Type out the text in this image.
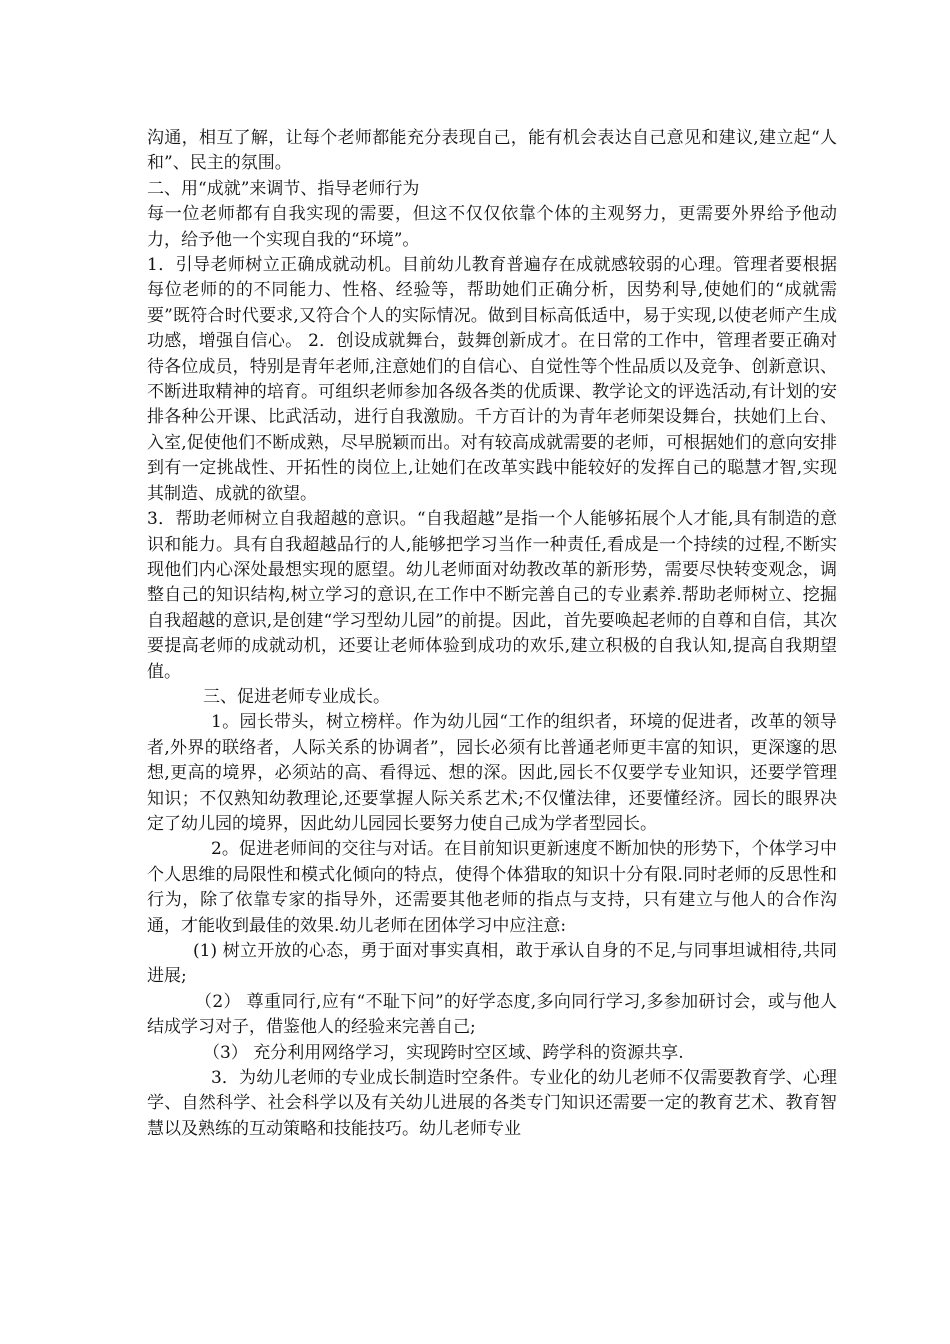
沟通，相互了解，让每个老师都能充分表现自己，能有机会表达自己意见和建议,建立起“人和”、民主的氛围。

二、用“成就”来调节、指导老师行为

每一位老师都有自我实现的需要，但这不仅仅依靠个体的主观努力，更需要外界给予他动力，给予他一个实现自我的“环境”。

1．引导老师树立正确成就动机。目前幼儿教育普遍存在成就感较弱的心理。管理者要根据每位老师的的不同能力、性格、经验等，帮助她们正确分析，因势利导,使她们的“成就需要”既符合时代要求,又符合个人的实际情况。做到目标高低适中，易于实现,以使老师产生成功感，增强自信心。 2．创设成就舞台，鼓舞创新成才。在日常的工作中，管理者要正确对待各位成员，特别是青年老师,注意她们的自信心、自觉性等个性品质以及竞争、创新意识、不断进取精神的培育。可组织老师参加各级各类的优质课、教学论文的评选活动,有计划的安排各种公开课、比武活动，进行自我激励。千方百计的为青年老师架设舞台，扶她们上台、入室,促使他们不断成熟，尽早脱颖而出。对有较高成就需要的老师，可根据她们的意向安排到有一定挑战性、开拓性的岗位上,让她们在改革实践中能较好的发挥自己的聪慧才智,实现其制造、成就的欲望。

3．帮助老师树立自我超越的意识。“自我超越”是指一个人能够拓展个人才能,具有制造的意识和能力。具有自我超越品行的人,能够把学习当作一种责任,看成是一个持续的过程,不断实现他们内心深处最想实现的愿望。幼儿老师面对幼教改革的新形势，需要尽快转变观念，调整自己的知识结构,树立学习的意识,在工作中不断完善自己的专业素养.帮助老师树立、挖掘自我超越的意识,是创建“学习型幼儿园”的前提。因此，首先要唤起老师的自尊和自信，其次要提高老师的成就动机，还要让老师体验到成功的欢乐,建立积极的自我认知,提高自我期望值。

三、促进老师专业成长。

1。园长带头，树立榜样。作为幼儿园“工作的组织者，环境的促进者，改革的领导者,外界的联络者，人际关系的协调者”，园长必须有比普通老师更丰富的知识，更深邃的思想,更高的境界，必须站的高、看得远、想的深。因此,园长不仅要学专业知识，还要学管理知识；不仅熟知幼教理论,还要掌握人际关系艺术;不仅懂法律，还要懂经济。园长的眼界决定了幼儿园的境界，因此幼儿园园长要努力使自己成为学者型园长。

2。促进老师间的交往与对话。在目前知识更新速度不断加快的形势下，个体学习中个人思维的局限性和模式化倾向的特点，使得个体猎取的知识十分有限.同时老师的反思性和行为，除了依靠专家的指导外，还需要其他老师的指点与支持，只有建立与他人的合作沟通，才能收到最佳的效果.幼儿老师在团体学习中应注意:

(1) 树立开放的心态，勇于面对事实真相，敢于承认自身的不足,与同事坦诚相待,共同进展;

（2） 尊重同行,应有“不耻下问”的好学态度,多向同行学习,多参加研讨会，或与他人结成学习对子，借鉴他人的经验来完善自己;

（3） 充分利用网络学习，实现跨时空区域、跨学科的资源共享.

3．为幼儿老师的专业成长制造时空条件。专业化的幼儿老师不仅需要教育学、心理学、自然科学、社会科学以及有关幼儿进展的各类专门知识还需要一定的教育艺术、教育智慧以及熟练的互动策略和技能技巧。幼儿老师专业
